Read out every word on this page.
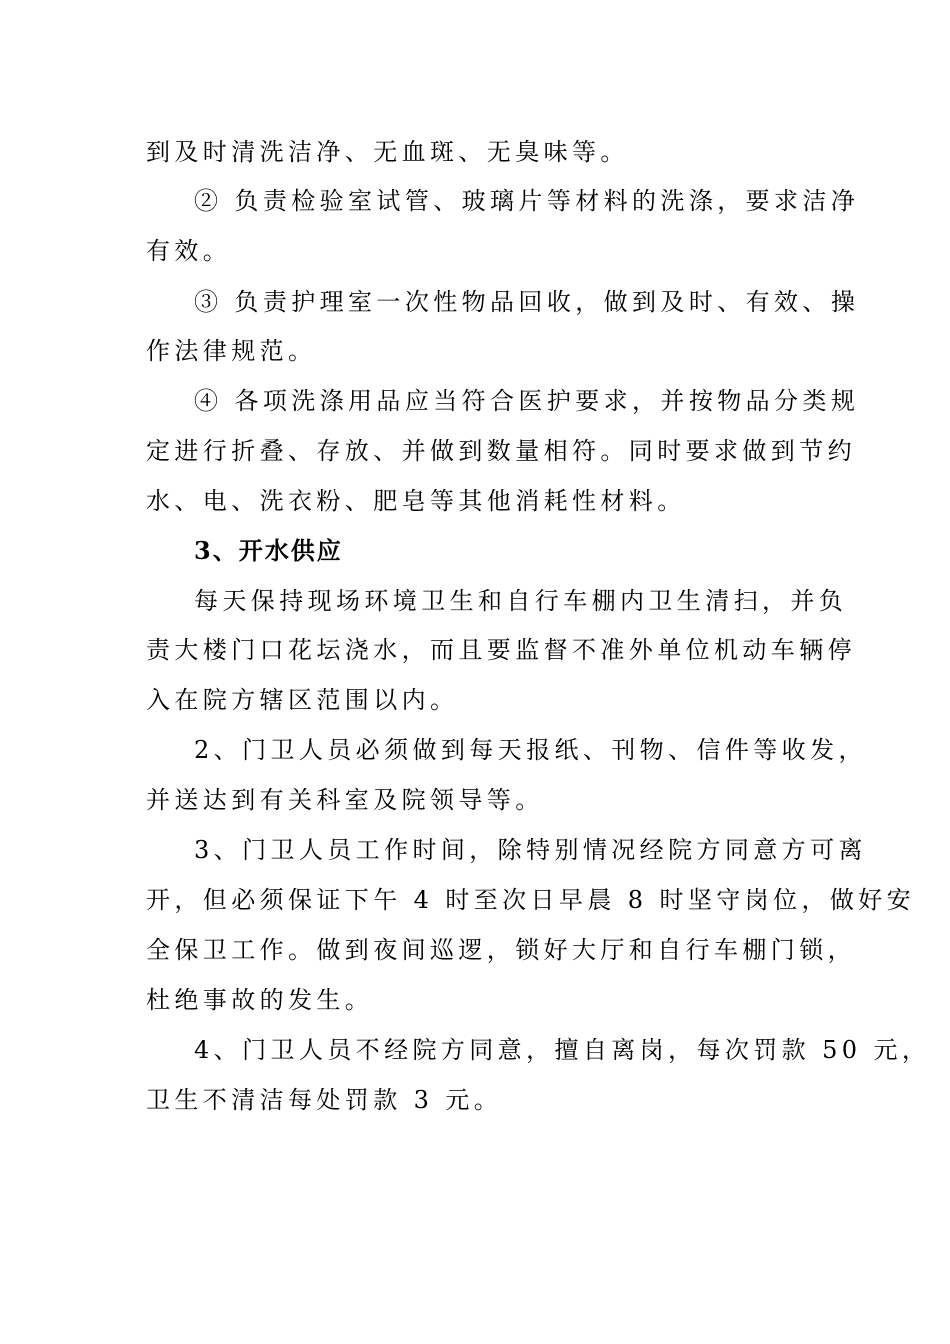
到及时清洗洁净、无血斑、无臭味等。
② 负责检验室试管、玻璃片等材料的洗涤，要求洁净
有效。
③ 负责护理室一次性物品回收，做到及时、有效、操
作法律规范。
④ 各项洗涤用品应当符合医护要求，并按物品分类规
定进行折叠、存放、并做到数量相符。同时要求做到节约
水、电、洗衣粉、肥皂等其他消耗性材料。
3、开水供应
每天保持现场环境卫生和自行车棚内卫生清扫，并负
责大楼门口花坛浇水，而且要监督不准外单位机动车辆停
入在院方辖区范围以内。
2、门卫人员必须做到每天报纸、刊物、信件等收发，
并送达到有关科室及院领导等。
3、门卫人员工作时间，除特别情况经院方同意方可离
开，但必须保证下午 4 时至次日早晨 8 时坚守岗位，做好安
全保卫工作。做到夜间巡逻，锁好大厅和自行车棚门锁，
杜绝事故的发生。
4、门卫人员不经院方同意，擅自离岗，每次罚款 50 元，
卫生不清洁每处罚款 3 元。
